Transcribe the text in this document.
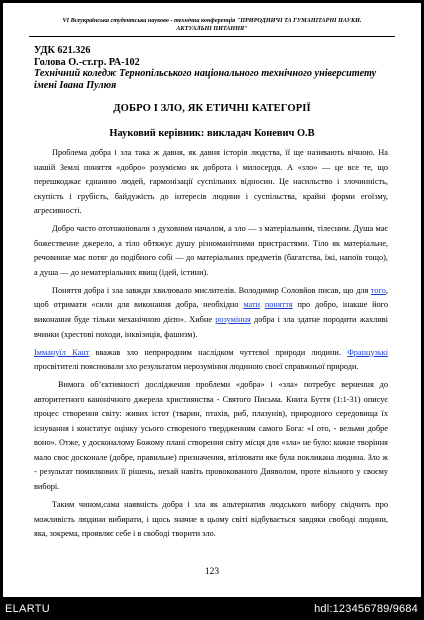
VI Всеукраїнська студентська науково - технічна конференція "ПРИРОДНИЧІ ТА ГУМАНІТАРНІ НАУКИ.
АКТУАЛЬНІ ПИТАННЯ"
УДК 621.326
Голова О.-ст.гр. РА-102
Технічний коледж Тернопільського національного технічного університету імені Івана Пулюя
ДОБРО І ЗЛО, ЯК ЕТИЧНІ КАТЕГОРІЇ
Науковий керівник: викладач Коневич О.В

Проблема добра і зла така ж давня, як давня історія людства, її ще називають вічною. На нашій Землі поняття «добро» розуміємо як доброта і милосердя. А «зло» — це все те, що перешкоджає єднанню людей, гармонізації суспільних відносин. Це насильство і злочинність, скупість і грубість, байдужість до інтересів людини і суспільства, крайні форми егоїзму, агресивності.

Добро часто ототожнювали з духовним началом, а зло — з матеріальним, тілесним. Душа має божественне джерело, а тіло обтяжує душу різноманітними пристрастями. Тіло як матеріальне, речовинне має потяг до подібного собі — до матеріальних предметів (багатства, їжі, напоїв тощо), а душа — до нематеріальних явищ (ідей, істини).

Поняття добра і зла завжди хвилювало мислителів. Володимир Соловйов писав, що для того, щоб отримати «сили для виконання добра, необхідно мати поняття про добро, інакше його виконання буде тільки механічною дією». Хибне розуміння добра і зла здатне породити жахливі вчинки (хрестові походи, інквізиція, фашизм).

Іммануїл Кант вважав зло неприродним наслідком чуттєвої природи людини. Французькі просвітителі пояснювали зло результатом нерозуміння людиною своєї справжньої природи.

Вимога об’єктивності дослідження проблеми «добра» і «зла» потребує вернення до авторитетного канонічного джерела християнства - Святого Письма. Книга Буття (1:1-31) описує процес створення світу: живих істот (тварин, птахів, риб, плазунів), природного середовища їх існування і констатує оцінку усього створеного твердженням самого Бога: «І ото, - вельми добре воно». Отже, у досконалому Божому плані створення світу місця для «зла» не було: кожне творіння мало своє досконале (добре, правильне) призначення, втілювати яке була покликана людина. Зло ж - результат помилкових її рішень, нехай навіть провокованого Дияволом, проте вільного у своєму виборі.

Таким чином,сама наявність добра і зла як альтернатив людського вибору свідчить про можливість людини вибирати, і щось значне в цьому світі відбувається завдяки свободі людини, яка, зокрема, проявляє себе і в свободі творити зло.

123
ELARTU	hdl:123456789/9684
